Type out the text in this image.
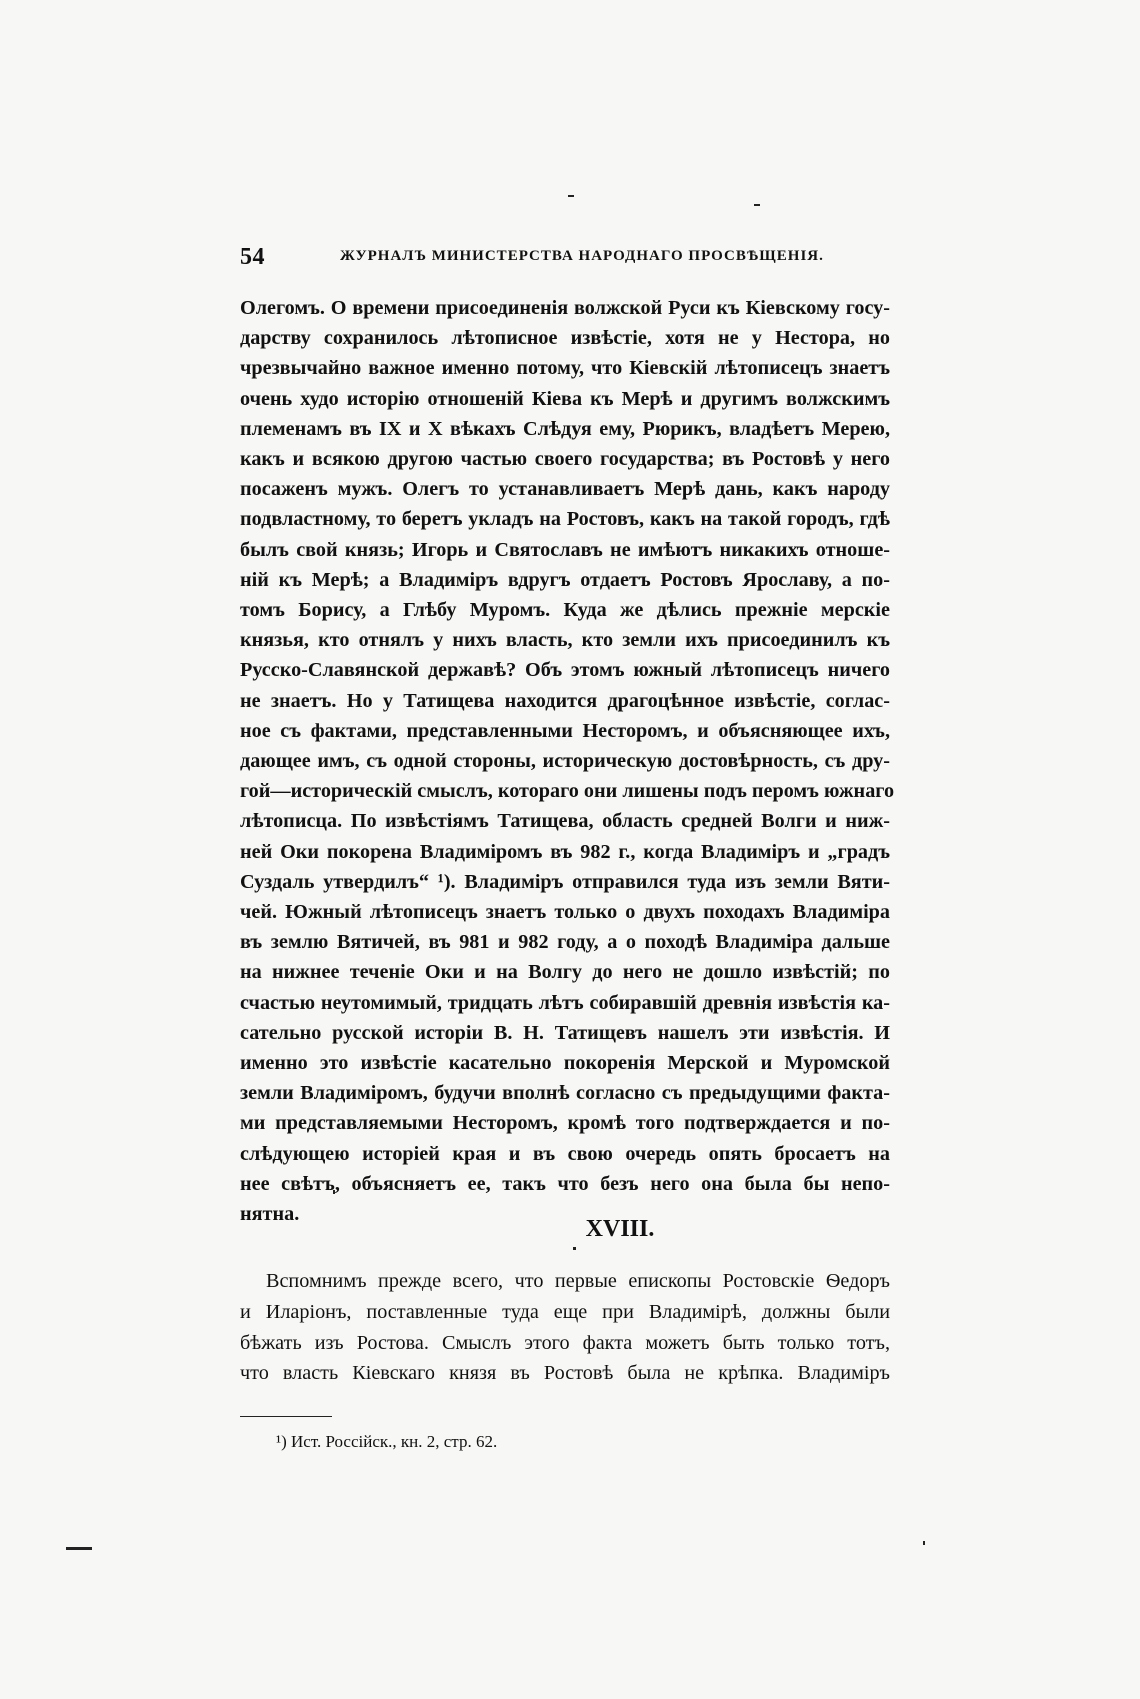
54	ЖУРНАЛЪ МИНИСТЕРСТВА НАРОДНАГО ПРОСВѢЩЕНІЯ.
Олегомъ. О времени присоединенія волжской Руси къ Кіевскому госу-
дарству сохранилось лѣтописное извѣстіе, хотя не у Нестора, но
чрезвычайно важное именно потому, что Кіевскій лѣтописецъ знаетъ
очень худо исторію отношеній Кіева къ Мерѣ и другимъ волжскимъ
племенамъ въ IX и X вѣкахъ Слѣдуя ему, Рюрикъ, владѣетъ Мерею,
какъ и всякою другою частью своего государства; въ Ростовѣ у него
посаженъ мужъ. Олегъ то устанавливаетъ Мерѣ дань, какъ народу
подвластному, то беретъ укладъ на Ростовъ, какъ на такой городъ, гдѣ
былъ свой князь; Игорь и Святославъ не имѣютъ никакихъ отноше-
ній къ Мерѣ; а Владиміръ вдругъ отдаетъ Ростовъ Ярославу, а по-
томъ Борису, а Глѣбу Муромъ. Куда же дѣлись прежніе мерскіе
князья, кто отнялъ у нихъ власть, кто земли ихъ присоединилъ къ
Русско-Славянской державѣ? Объ этомъ южный лѣтописецъ ничего
не знаетъ. Но у Татищева находится драгоцѣнное извѣстіе, соглас-
ное съ фактами, представленными Несторомъ, и объясняющее ихъ,
дающее имъ, съ одной стороны, историческую достовѣрность, съ дру-
гой—историческій смыслъ, котораго они лишены подъ перомъ южнаго
лѣтописца. По извѣстіямъ Татищева, область средней Волги и ниж-
ней Оки покорена Владиміромъ въ 982 г., когда Владиміръ и „градъ
Суздаль утвердилъ“ ¹). Владиміръ отправился туда изъ земли Вяти-
чей. Южный лѣтописецъ знаетъ только о двухъ походахъ Владиміра
въ землю Вятичей, въ 981 и 982 году, а о походѣ Владиміра дальше
на нижнее теченіе Оки и на Волгу до него не дошло извѣстій; по
счастью неутомимый, тридцать лѣтъ собиравшій древнія извѣстія ка-
сательно русской исторіи В. Н. Татищевъ нашелъ эти извѣстія. И
именно это извѣстіе касательно покоренія Мерской и Муромской
земли Владиміромъ, будучи вполнѣ согласно съ предыдущими факта-
ми представляемыми Несторомъ, кромѣ того подтверждается и по-
слѣдующею исторіей края и въ свою очередь опять бросаетъ на
нее свѣтъ, объясняетъ ее, такъ что безъ него она была бы непо-
нятна.
XVIII.
Вспомнимъ прежде всего, что первые епископы Ростовскіе Ѳедоръ
и Иларіонъ, поставленные туда еще при Владимірѣ, должны были
бѣжать изъ Ростова. Смыслъ этого факта можетъ быть только тотъ,
что власть Кіевскаго князя въ Ростовѣ была не крѣпка. Владиміръ
¹) Ист. Россійск., кн. 2, стр. 62.
